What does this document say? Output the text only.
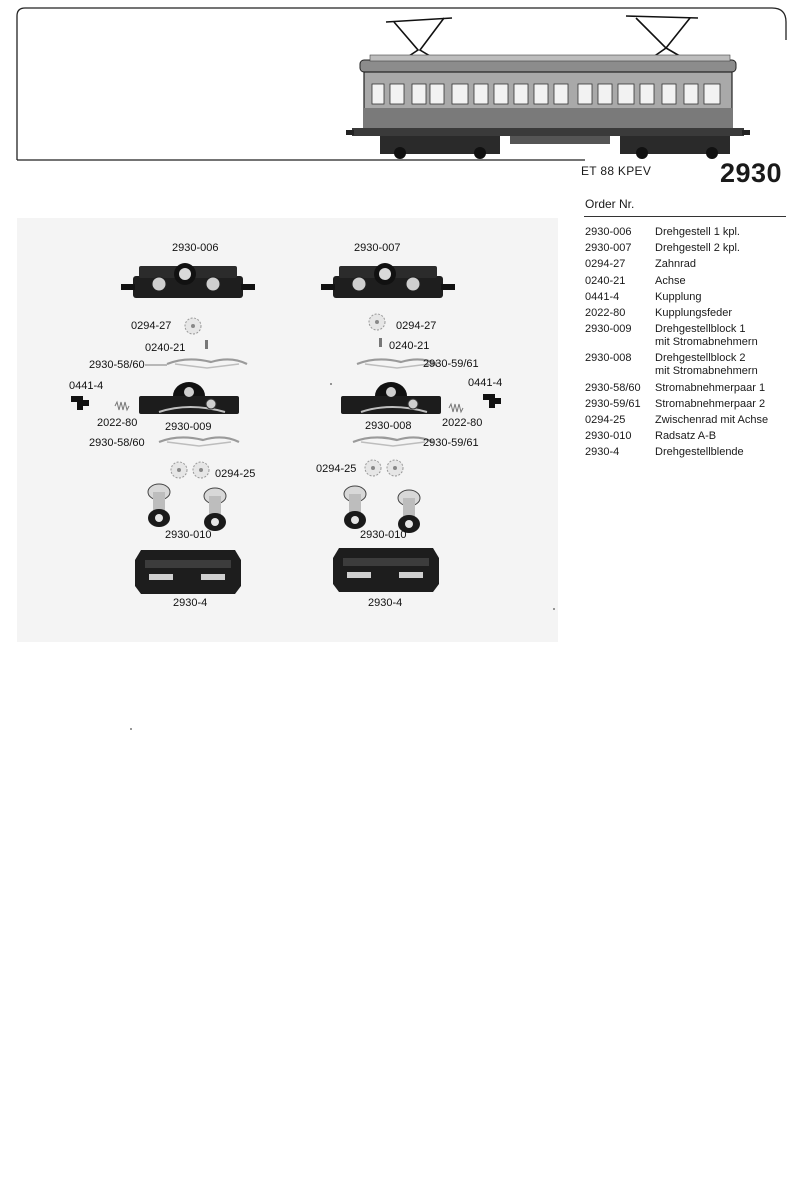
ET 88 KPEV	2930
Order Nr.
2930-006	Drehgestell 1 kpl.
2930-007	Drehgestell 2 kpl.
0294-27	Zahnrad
0240-21	Achse
0441-4	Kupplung
2022-80	Kupplungsfeder
2930-009	Drehgestellblock 1
mit Stromabnehmern
2930-008	Drehgestellblock 2
mit Stromabnehmern
2930-58/60	Stromabnehmerpaar 1
2930-59/61	Stromabnehmerpaar 2
0294-25	Zwischenrad mit Achse
2930-010	Radsatz A-B
2930-4	Drehgestellblende
2930-006
0294-27
0240-21
2930-58/60
0441-4
2022-80	2930-009
2930-58/60
0294-25
2930-010
2930-4
2930-007
0294-27
0240-21
2930-59/61
0441-4
2930-008	2022-80
2930-59/61
0294-25
2930-010
2930-4
